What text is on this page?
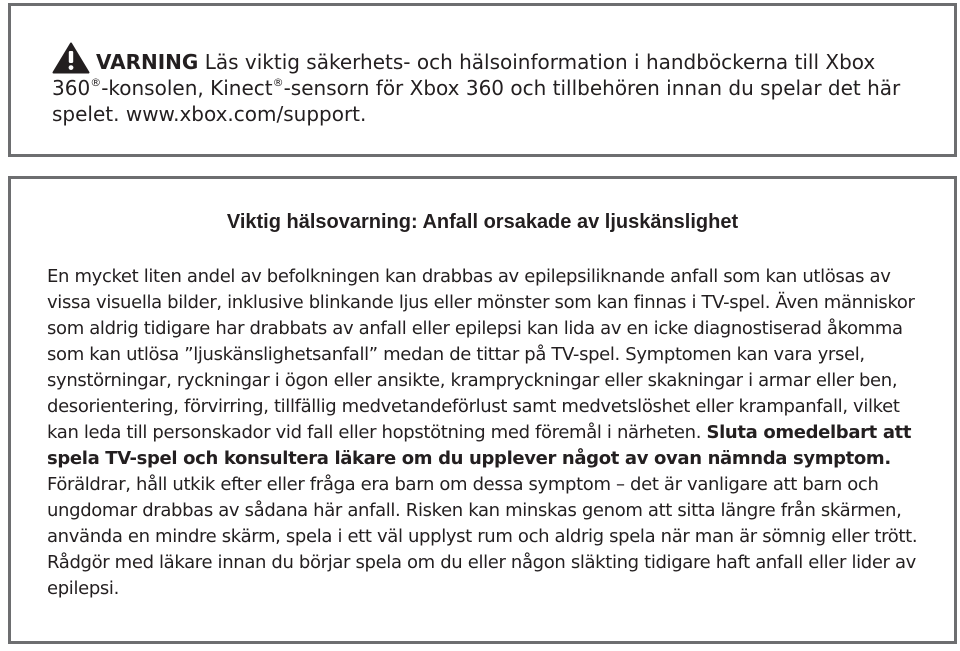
VARNING Läs viktig säkerhets- och hälsoinformation i handböckerna till Xbox 360®-konsolen, Kinect®-sensorn för Xbox 360 och tillbehören innan du spelar det här spelet. www.xbox.com/support.
Viktig hälsovarning: Anfall orsakade av ljuskänslighet
En mycket liten andel av befolkningen kan drabbas av epilepsiliknande anfall som kan utlösas av vissa visuella bilder, inklusive blinkande ljus eller mönster som kan finnas i TV-spel. Även människor som aldrig tidigare har drabbats av anfall eller epilepsi kan lida av en icke diagnostiserad åkomma som kan utlösa ”ljuskänslighetsanfall” medan de tittar på TV-spel. Symptomen kan vara yrsel, synstörningar, ryckningar i ögon eller ansikte, krampryckningar eller skakningar i armar eller ben, desorientering, förvirring, tillfällig medvetandeförlust samt medvetslöshet eller krampanfall, vilket kan leda till personskador vid fall eller hopstötning med föremål i närheten. Sluta omedelbart att spela TV-spel och konsultera läkare om du upplever något av ovan nämnda symptom. Föräldrar, håll utkik efter eller fråga era barn om dessa symptom – det är vanligare att barn och ungdomar drabbas av sådana här anfall. Risken kan minskas genom att sitta längre från skärmen, använda en mindre skärm, spela i ett väl upplyst rum och aldrig spela när man är sömnig eller trött. Rådgör med läkare innan du börjar spela om du eller någon släkting tidigare haft anfall eller lider av epilepsi.
